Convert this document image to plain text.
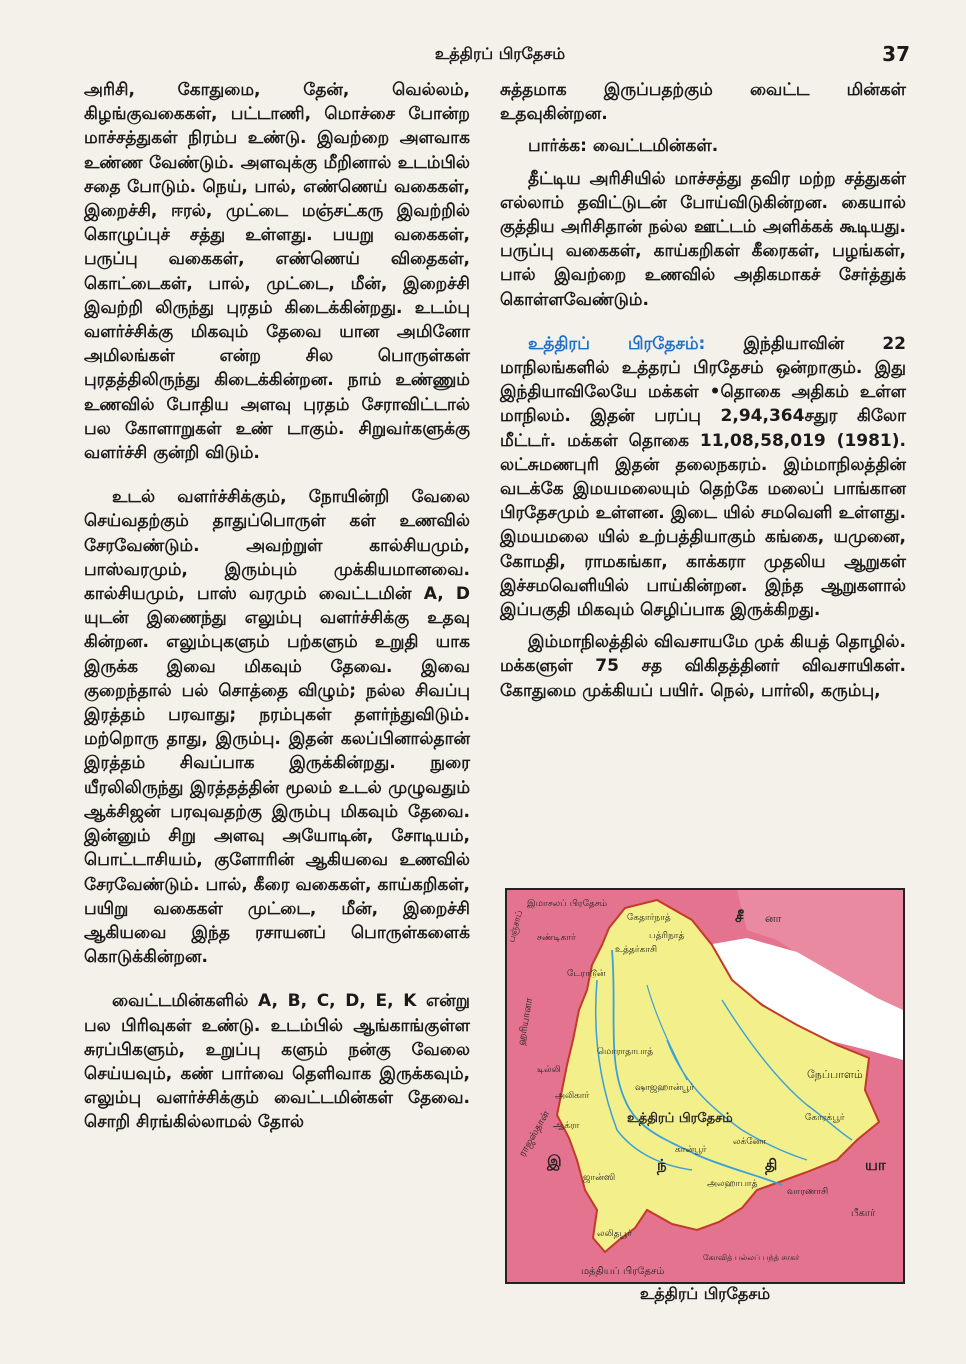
உத்திரப் பிரதேசம்	37

அரிசி, கோதுமை, தேன், வெல்லம், கிழங்குவகைகள், பட்டாணி, மொச்சை போன்ற மாச்சத்துகள் நிரம்ப உண்டு. இவற்றை அளவாக உண்ண வேண்டும். அளவுக்கு மீறினால் உடம்பில் சதை போடும். நெய், பால், எண்ணெய் வகைகள், இறைச்சி, ஈரல், முட்டை மஞ்சட்கரு இவற்றில் கொழுப்புச் சத்து உள்ளது. பயறு வகைகள், பருப்பு வகைகள், எண்ணெய் விதைகள், கொட்டைகள், பால், முட்டை, மீன், இறைச்சி இவற்றி லிருந்து புரதம் கிடைக்கின்றது. உடம்பு வளர்ச்சிக்கு மிகவும் தேவை யான அமினோ அமிலங்கள் என்ற சில பொருள்கள் புரதத்திலிருந்து கிடைக்கின்றன. நாம் உண்ணும் உணவில் போதிய அளவு புரதம் சேராவிட்டால் பல கோளாறுகள் உண் டாகும். சிறுவர்களுக்கு வளர்ச்சி குன்றி விடும்.

உடல் வளர்ச்சிக்கும், நோயின்றி வேலை செய்வதற்கும் தாதுப்பொருள் கள் உணவில் சேரவேண்டும். அவற்றுள் கால்சியமும், பாஸ்வரமும், இரும்பும் முக்கியமானவை. கால்சியமும், பாஸ் வரமும் வைட்டமின் A, D யுடன் இணைந்து எலும்பு வளர்ச்சிக்கு உதவு கின்றன. எலும்புகளும் பற்களும் உறுதி யாக இருக்க இவை மிகவும் தேவை. இவை குறைந்தால் பல் சொத்தை விழும்; நல்ல சிவப்பு இரத்தம் பரவாது; நரம்புகள் தளர்ந்துவிடும். மற்றொரு தாது, இரும்பு. இதன் கலப்பினால்தான் இரத்தம் சிவப்பாக இருக்கின்றது. நுரை யீரலிலிருந்து இரத்தத்தின் மூலம் உடல் முழுவதும் ஆக்சிஜன் பரவுவதற்கு இரும்பு மிகவும் தேவை. இன்னும் சிறு அளவு அயோடின், சோடியம், பொட்டாசியம், குளோரின் ஆகியவை உணவில் சேரவேண்டும். பால், கீரை வகைகள், காய்கறிகள், பயிறு வகைகள் முட்டை, மீன், இறைச்சி ஆகியவை இந்த ரசாயனப் பொருள்களைக் கொடுக்கின்றன.

வைட்டமின்களில் A, B, C, D, E, K என்று பல பிரிவுகள் உண்டு. உடம்பில் ஆங்காங்குள்ள சுரப்பிகளும், உறுப்பு களும் நன்கு வேலை செய்யவும், கண் பார்வை தெளிவாக இருக்கவும், எலும்பு வளர்ச்சிக்கும் வைட்டமின்கள் தேவை. சொறி சிரங்கில்லாமல் தோல்

சுத்தமாக இருப்பதற்கும் வைட்ட மின்கள் உதவுகின்றன.

பார்க்க: வைட்டமின்கள்.

தீட்டிய அரிசியில் மாச்சத்து தவிர மற்ற சத்துகள் எல்லாம் தவிட்டுடன் போய்விடுகின்றன. கையால் குத்திய அரிசிதான் நல்ல ஊட்டம் அளிக்கக் கூடியது. பருப்பு வகைகள், காய்கறிகள் கீரைகள், பழங்கள், பால் இவற்றை உணவில் அதிகமாகச் சேர்த்துக் கொள்ளவேண்டும்.

உத்திரப் பிரதேசம்: இந்தியாவின் 22 மாநிலங்களில் உத்தரப் பிரதேசம் ஒன்றாகும். இது இந்தியாவிலேயே மக்கள் •தொகை அதிகம் உள்ள மாநிலம். இதன் பரப்பு 2,94,364சதுர கிலோ மீட்டர். மக்கள் தொகை 11,08,58,019 (1981). லட்சுமணபுரி இதன் தலைநகரம். இம்மாநிலத்தின் வடக்கே இமயமலையும் தெற்கே மலைப் பாங்கான பிரதேசமும் உள்ளன. இடை யில் சமவெளி உள்ளது. இமயமலை யில் உற்பத்தியாகும் கங்கை, யமுனை, கோமதி, ராமகங்கா, காக்கரா முதலிய ஆறுகள் இச்சமவெளியில் பாய்கின்றன. இந்த ஆறுகளால் இப்பகுதி மிகவும் செழிப்பாக இருக்கிறது.

இம்மாநிலத்தில் விவசாயமே முக் கியத் தொழில். மக்களுள் 75 சத விகிதத்தினர் விவசாயிகள். கோதுமை முக்கியப் பயிர். நெல், பார்லி, கரும்பு,

இமாசலப் பிரதேசம்
பஞ்சாப்	கேதார்நாத்
பத்ரிநாத்
சண்டிகார்
உத்தர்காசி
சீ னா
டேராடூன்
ஹரியானா
மொராதாபாத்
டில்லி
அலிகார்
ஷாஜஹான்பூர்
நேப்பாளம்
ராஜஸ்தான் ஆக்ரா	உத்திரப் பிரதேசம்	கோரக்பூர்
லக்னோ
கான்பூர்
ஜான்ஸி
அலஹாபாத்
வாரணாசி
பீகார்
லலிதபூர்
மத்தியப் பிரதேசம்
கோவித் பல்லப் பந்த் சாகர்
இ	ந்	தி	யா
உத்திரப் பிரதேசம்
